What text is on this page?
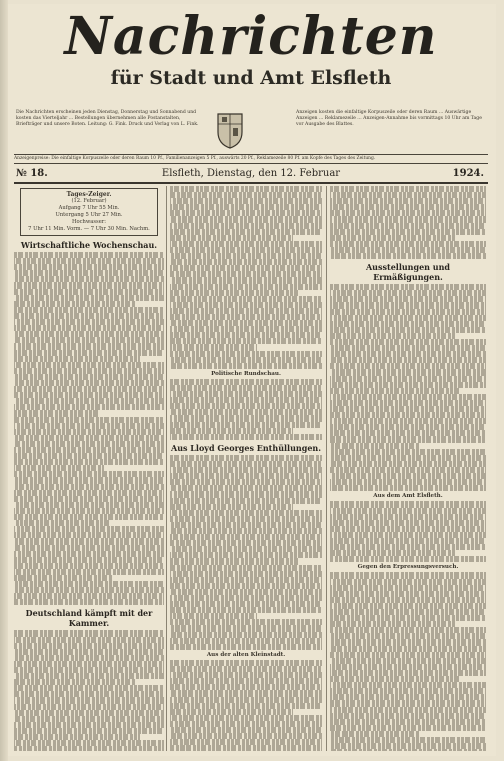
Nachrichten
für Stadt und Amt Elsfleth
Die Nachrichten erscheinen jeden Dienstag, Donnerstag und Sonnabend und kosten das Vierteljahr ... Bestellungen übernehmen alle Postanstalten, Briefträger und unsere Boten. Leitung: G. Fink. Druck und Verlag von L. Fink.
Anzeigen kosten die einfaltige Korpuszeile oder deren Raum ... Auswärtige Anzeigen ... Reklamezeile ... Anzeigen-Annahme bis vormittags 10 Uhr am Tage vor Ausgabe des Blattes.
Anzeigenpreise: Die einfaltige Korpuszeile oder deren Raum 10 Pf., Familienanzeigen 5 Pf., auswärts 20 Pf., Reklamezeile 80 Pf. am Kopfe des Tages des Zeitung.
№ 18.	Elsfleth, Dienstag, den 12. Februar	1924.
Tages-Zeiger.
(12. Februar)
Aufgang 7 Uhr 55 Min.
Untergang 5 Uhr 27 Min.
Hochwasser:
7 Uhr 11 Min. Vorm. — 7 Uhr 30 Min. Nachm.
Wirtschaftliche Wochenschau.
Deutschland kämpft mit der Kammer.
Politische Rundschau.
Aus Lloyd Georges Enthüllungen.
Aus der alten Kleinstadt.
Ausstellungen und Ermäßigungen.
Aus dem Amt Elsfleth.
Gegen den Erpressungsversuch.
